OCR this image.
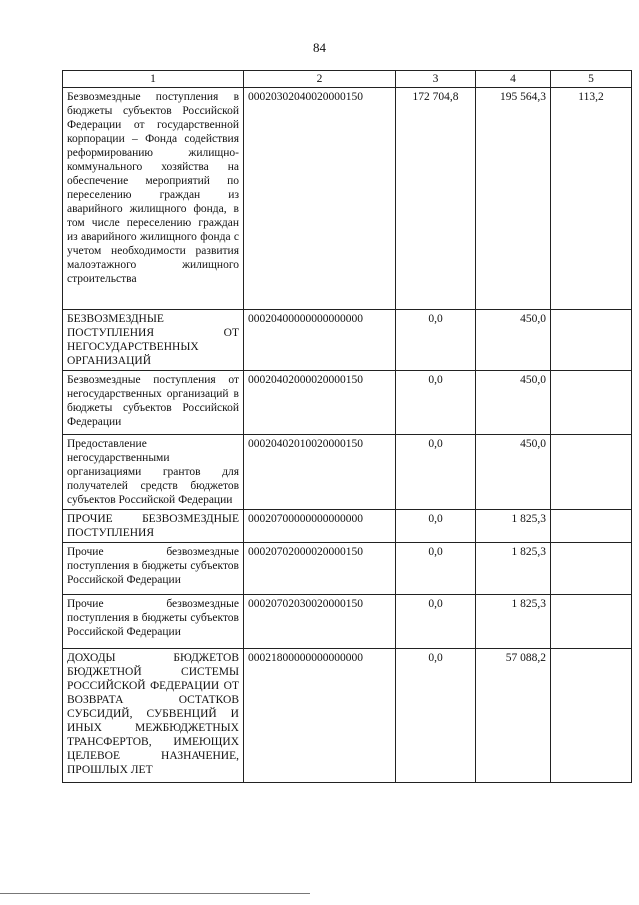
84
1	2	3	4	5
Безвозмездные поступления в бюджеты субъектов Российской Федерации от государственной корпорации – Фонда содействия реформированию жилищно-коммунального хозяйства на обеспечение мероприятий по переселению граждан из аварийного жилищного фонда, в том числе переселению граждан из аварийного жилищного фонда с учетом необходимости развития малоэтажного жилищного строительства	00020302040020000150	172 704,8	195 564,3	113,2
БЕЗВОЗМЕЗДНЫЕ ПОСТУПЛЕНИЯ ОТ НЕГОСУДАРСТВЕННЫХ ОРГАНИЗАЦИЙ	00020400000000000000	0,0	450,0	
Безвозмездные поступления от негосударственных организаций в бюджеты субъектов Российской Федерации	00020402000020000150	0,0	450,0	
Предоставление негосударственными организациями грантов для получателей средств бюджетов субъектов Российской Федерации	00020402010020000150	0,0	450,0	
ПРОЧИЕ БЕЗВОЗМЕЗДНЫЕ ПОСТУПЛЕНИЯ	00020700000000000000	0,0	1 825,3	
Прочие безвозмездные поступления в бюджеты субъектов Российской Федерации	00020702000020000150	0,0	1 825,3	
Прочие безвозмездные поступления в бюджеты субъектов Российской Федерации	00020702030020000150	0,0	1 825,3	
ДОХОДЫ БЮДЖЕТОВ БЮДЖЕТНОЙ СИСТЕМЫ РОССИЙСКОЙ ФЕДЕРАЦИИ ОТ ВОЗВРАТА ОСТАТКОВ СУБСИДИЙ, СУБВЕНЦИЙ И ИНЫХ МЕЖБЮДЖЕТНЫХ ТРАНСФЕРТОВ, ИМЕЮЩИХ ЦЕЛЕВОЕ НАЗНАЧЕНИЕ, ПРОШЛЫХ ЛЕТ	00021800000000000000	0,0	57 088,2	
